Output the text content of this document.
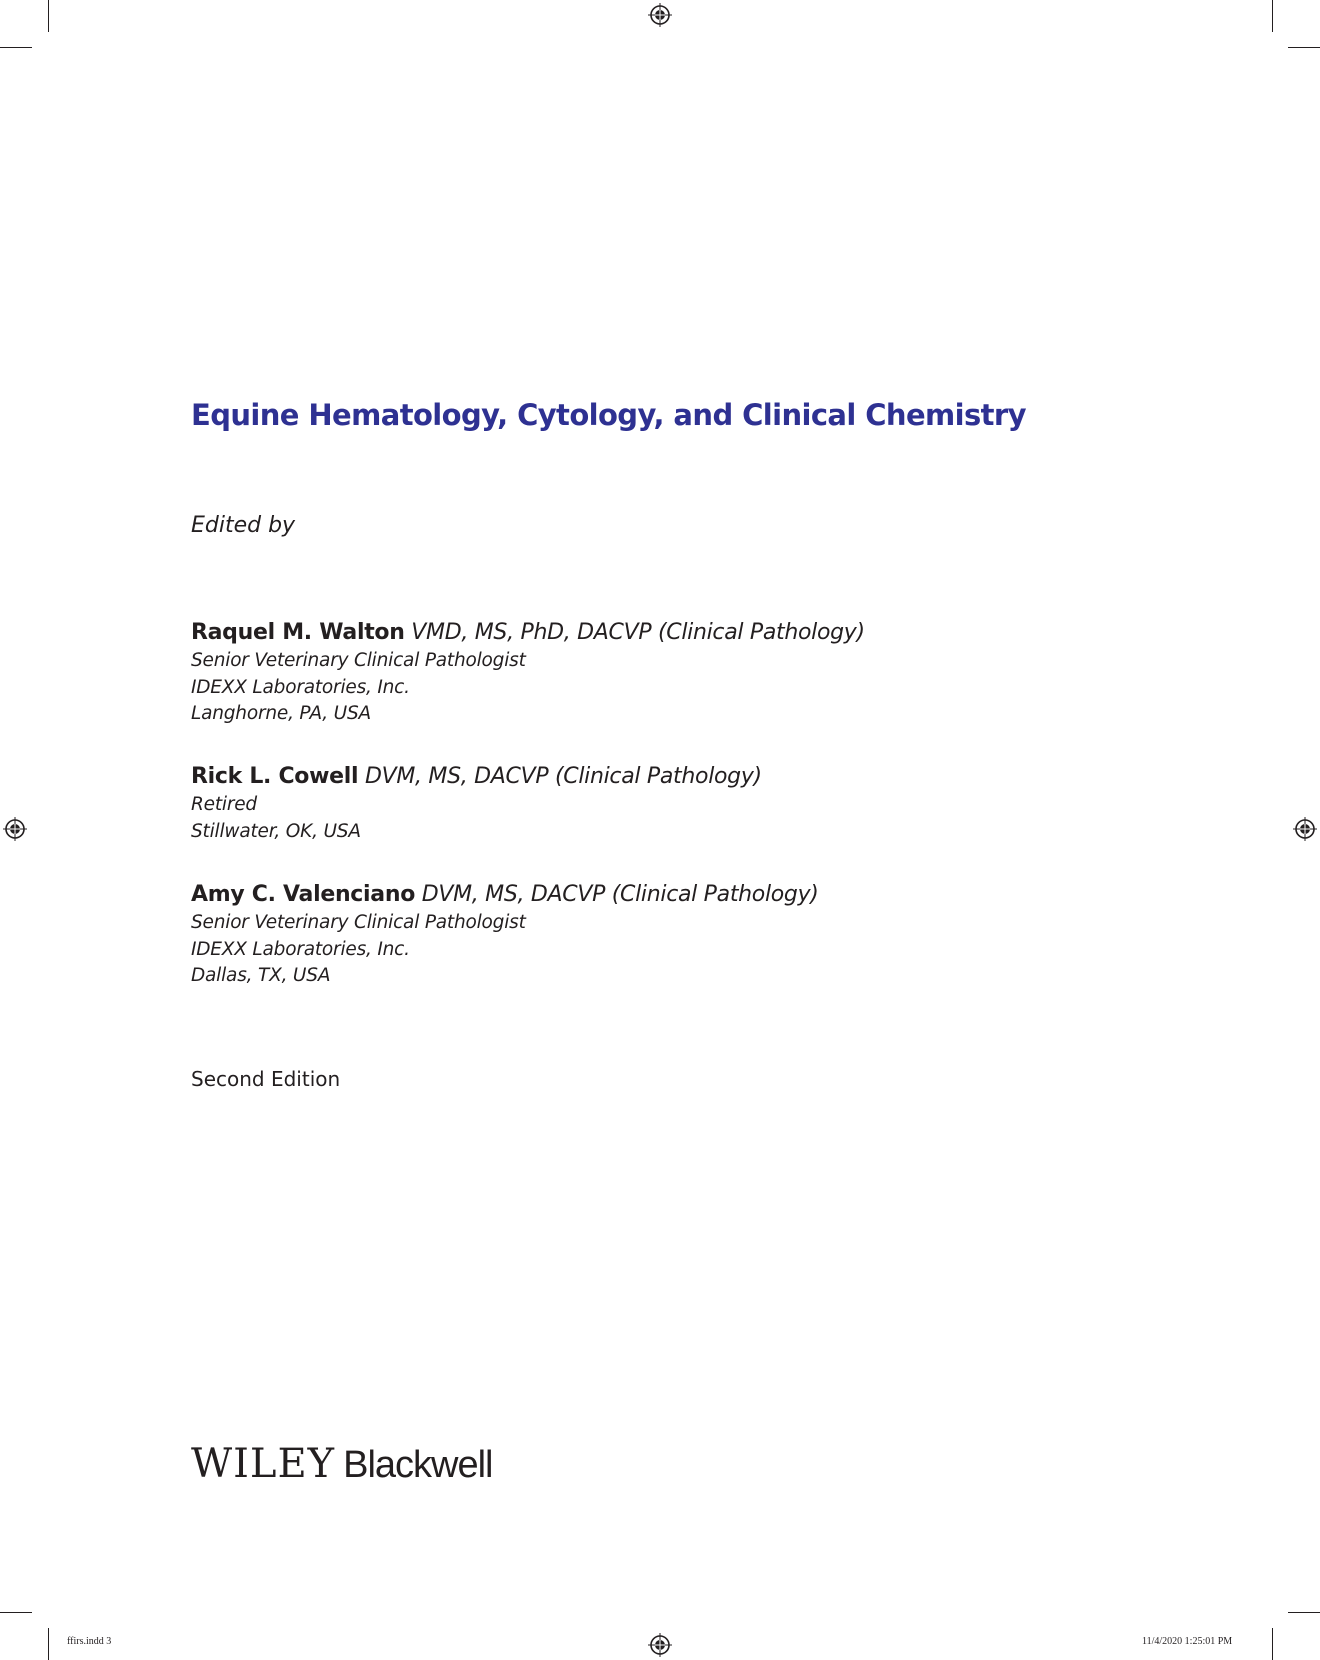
Equine Hematology, Cytology, and Clinical Chemistry
Edited by
Raquel M. Walton VMD, MS, PhD, DACVP (Clinical Pathology)
Senior Veterinary Clinical Pathologist
IDEXX Laboratories, Inc.
Langhorne, PA, USA
Rick L. Cowell DVM, MS, DACVP (Clinical Pathology)
Retired
Stillwater, OK, USA
Amy C. Valenciano DVM, MS, DACVP (Clinical Pathology)
Senior Veterinary Clinical Pathologist
IDEXX Laboratories, Inc.
Dallas, TX, USA
Second Edition
WILEY Blackwell
ffirs.indd 3	11/4/2020 1:25:01 PM
